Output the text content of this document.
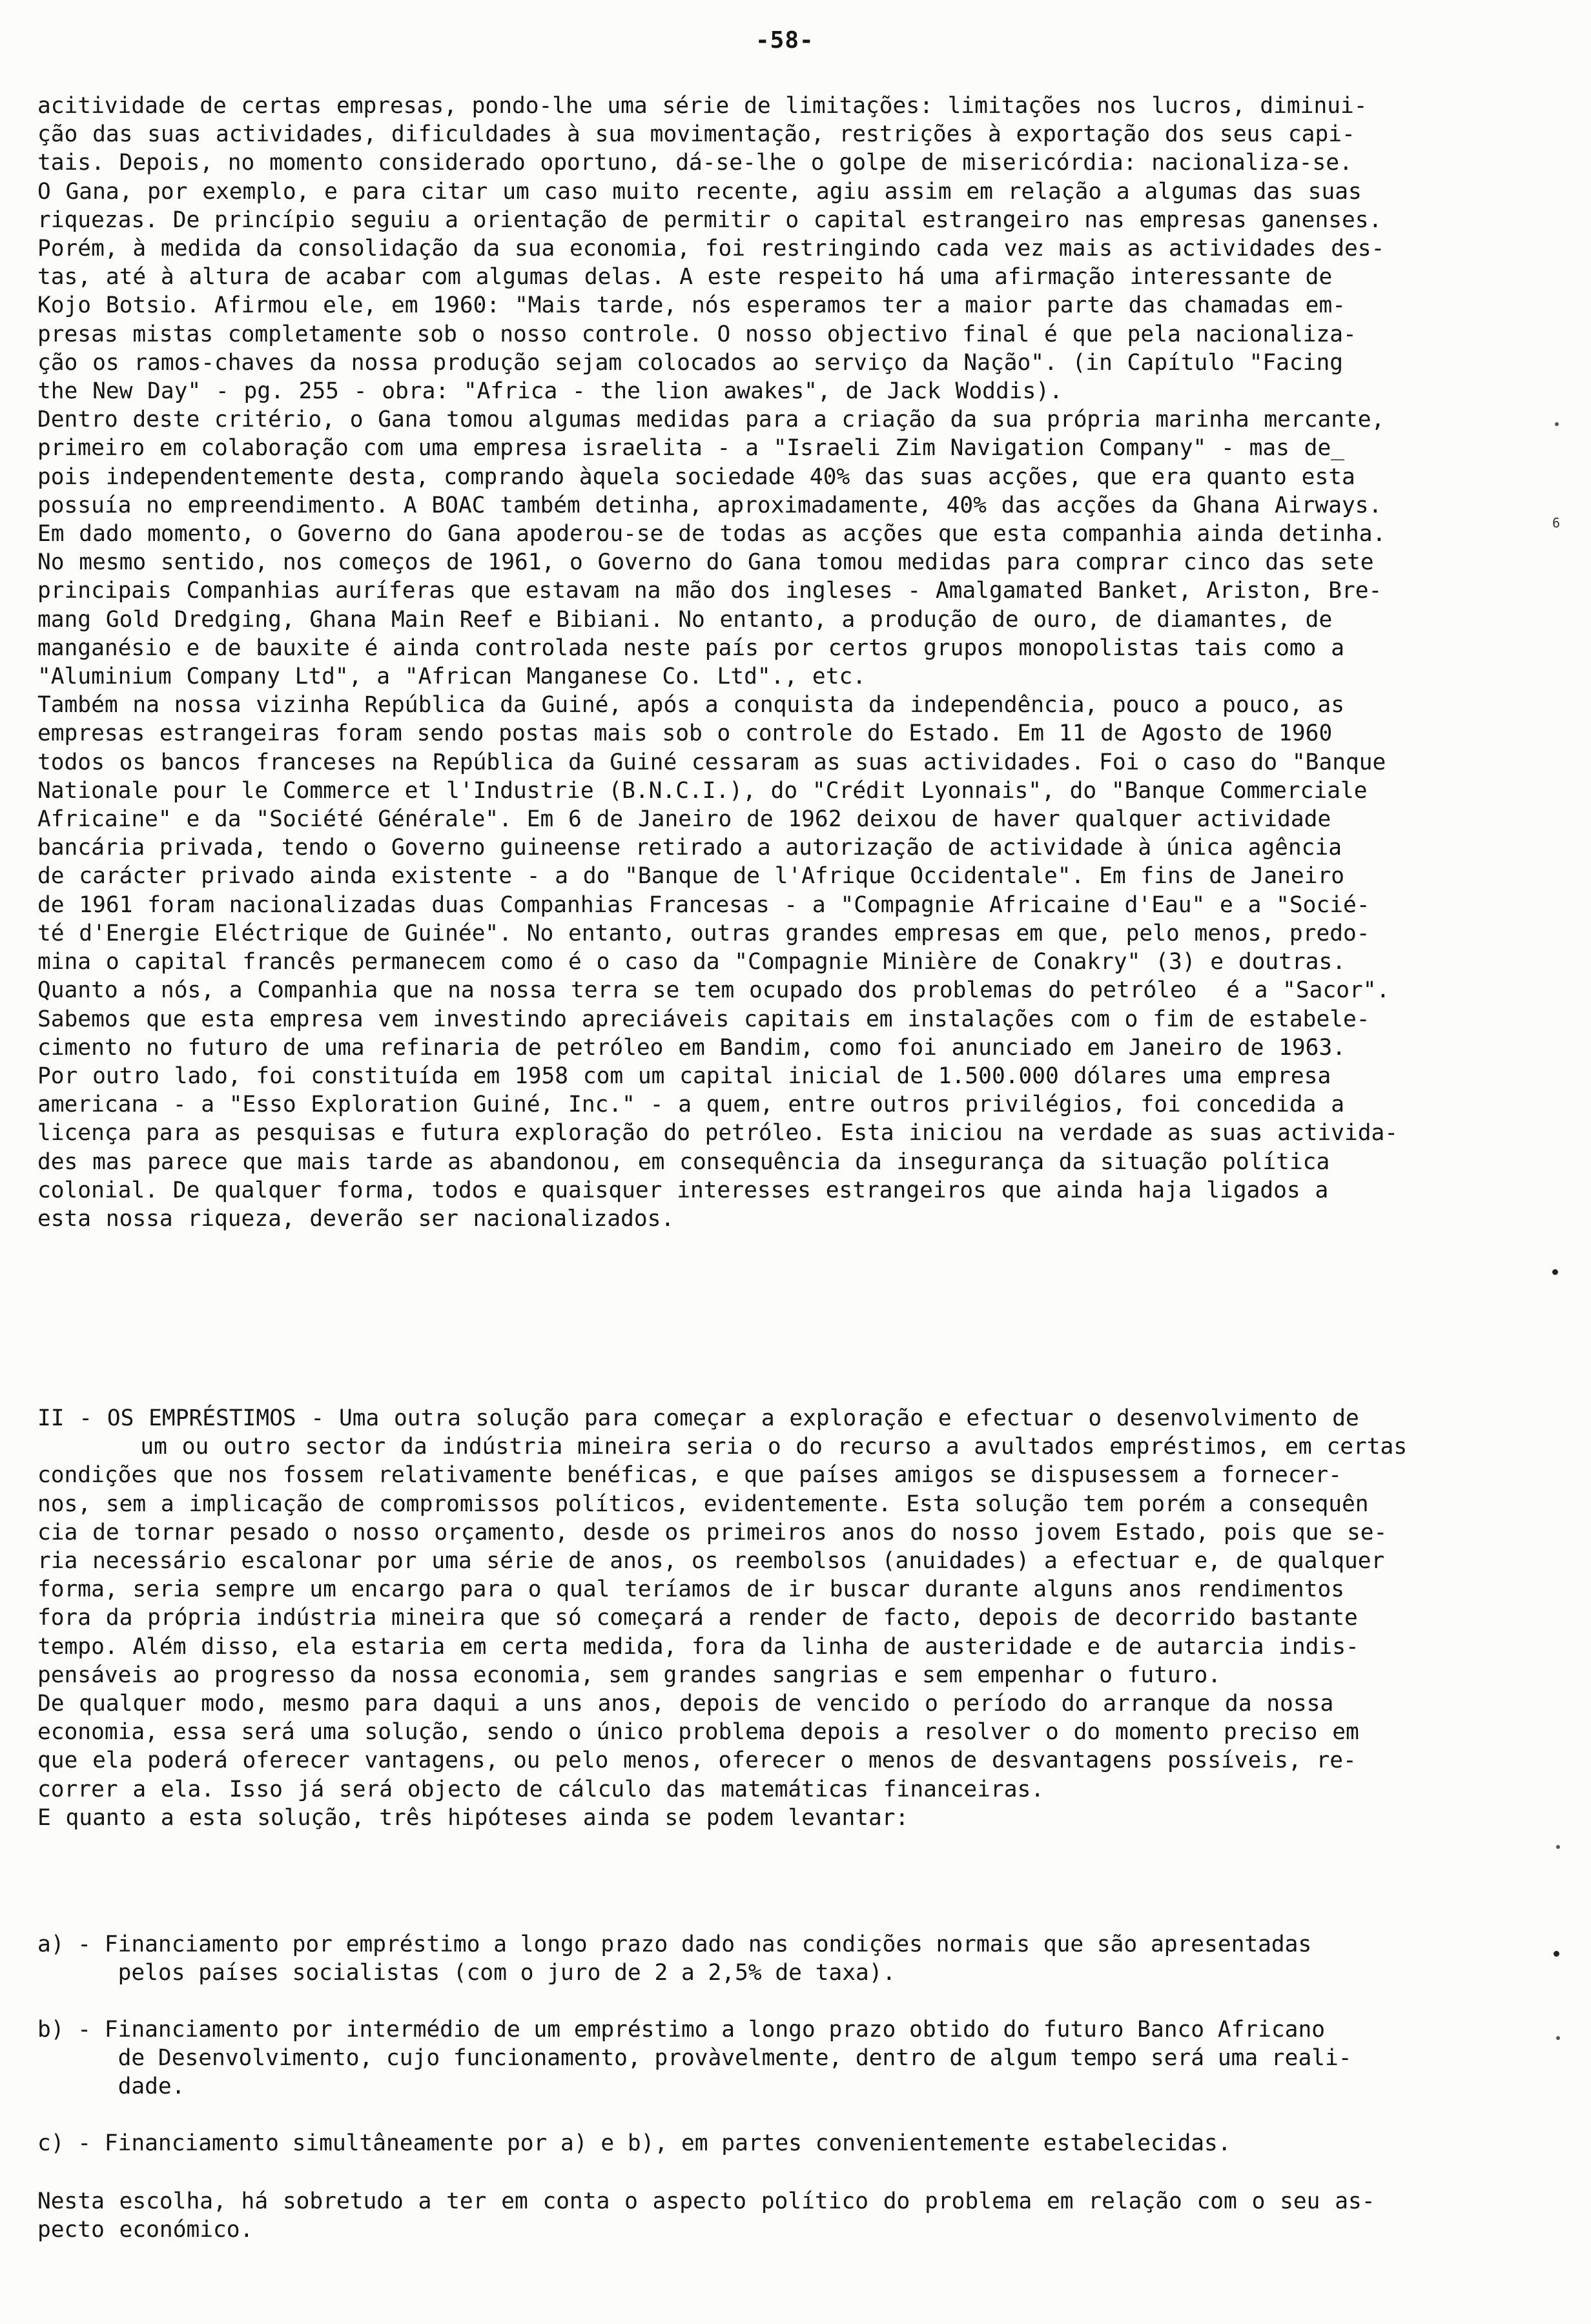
-58-
acitividade de certas empresas, pondo-lhe uma série de limitações: limitações nos lucros, diminui-
ção das suas actividades, dificuldades à sua movimentação, restrições à exportação dos seus capi-
tais. Depois, no momento considerado oportuno, dá-se-lhe o golpe de misericórdia: nacionaliza-se.
O Gana, por exemplo, e para citar um caso muito recente, agiu assim em relação a algumas das suas
riquezas. De princípio seguiu a orientação de permitir o capital estrangeiro nas empresas ganenses.
Porém, à medida da consolidação da sua economia, foi restringindo cada vez mais as actividades des-
tas, até à altura de acabar com algumas delas. A este respeito há uma afirmação interessante de
Kojo Botsio. Afirmou ele, em 1960: "Mais tarde, nós esperamos ter a maior parte das chamadas em-
presas mistas completamente sob o nosso controle. O nosso objectivo final é que pela nacionaliza-
ção os ramos-chaves da nossa produção sejam colocados ao serviço da Nação". (in Capítulo "Facing
the New Day" - pg. 255 - obra: "Africa - the lion awakes", de Jack Woddis).
Dentro deste critério, o Gana tomou algumas medidas para a criação da sua própria marinha mercante,
primeiro em colaboração com uma empresa israelita - a "Israeli Zim Navigation Company" - mas de_
pois independentemente desta, comprando àquela sociedade 40% das suas acções, que era quanto esta
possuía no empreendimento. A BOAC também detinha, aproximadamente, 40% das acções da Ghana Airways.
Em dado momento, o Governo do Gana apoderou-se de todas as acções que esta companhia ainda detinha.
No mesmo sentido, nos começos de 1961, o Governo do Gana tomou medidas para comprar cinco das sete
principais Companhias auríferas que estavam na mão dos ingleses - Amalgamated Banket, Ariston, Bre-
mang Gold Dredging, Ghana Main Reef e Bibiani. No entanto, a produção de ouro, de diamantes, de
manganésio e de bauxite é ainda controlada neste país por certos grupos monopolistas tais como a
"Aluminium Company Ltd", a "African Manganese Co. Ltd"., etc.
Também na nossa vizinha República da Guiné, após a conquista da independência, pouco a pouco, as
empresas estrangeiras foram sendo postas mais sob o controle do Estado. Em 11 de Agosto de 1960
todos os bancos franceses na República da Guiné cessaram as suas actividades. Foi o caso do "Banque
Nationale pour le Commerce et l'Industrie (B.N.C.I.), do "Crédit Lyonnais", do "Banque Commerciale
Africaine" e da "Société Générale". Em 6 de Janeiro de 1962 deixou de haver qualquer actividade
bancária privada, tendo o Governo guineense retirado a autorização de actividade à única agência
de carácter privado ainda existente - a do "Banque de l'Afrique Occidentale". Em fins de Janeiro
de 1961 foram nacionalizadas duas Companhias Francesas - a "Compagnie Africaine d'Eau" e a "Socié-
té d'Energie Eléctrique de Guinée". No entanto, outras grandes empresas em que, pelo menos, predo-
mina o capital francês permanecem como é o caso da "Compagnie Minière de Conakry" (3) e doutras.
Quanto a nós, a Companhia que na nossa terra se tem ocupado dos problemas do petróleo  é a "Sacor".
Sabemos que esta empresa vem investindo apreciáveis capitais em instalações com o fim de estabele-
cimento no futuro de uma refinaria de petróleo em Bandim, como foi anunciado em Janeiro de 1963.
Por outro lado, foi constituída em 1958 com um capital inicial de 1.500.000 dólares uma empresa
americana - a "Esso Exploration Guiné, Inc." - a quem, entre outros privilégios, foi concedida a
licença para as pesquisas e futura exploração do petróleo. Esta iniciou na verdade as suas activida-
des mas parece que mais tarde as abandonou, em consequência da insegurança da situação política
colonial. De qualquer forma, todos e quaisquer interesses estrangeiros que ainda haja ligados a
esta nossa riqueza, deverão ser nacionalizados.
II - OS EMPRÉSTIMOS - Uma outra solução para começar a exploração e efectuar o desenvolvimento de
um ou outro sector da indústria mineira seria o do recurso a avultados empréstimos, em certas
condições que nos fossem relativamente benéficas, e que países amigos se dispusessem a fornecer-
nos, sem a implicação de compromissos políticos, evidentemente. Esta solução tem porém a consequên
cia de tornar pesado o nosso orçamento, desde os primeiros anos do nosso jovem Estado, pois que se-
ria necessário escalonar por uma série de anos, os reembolsos (anuidades) a efectuar e, de qualquer
forma, seria sempre um encargo para o qual teríamos de ir buscar durante alguns anos rendimentos
fora da própria indústria mineira que só começará a render de facto, depois de decorrido bastante
tempo. Além disso, ela estaria em certa medida, fora da linha de austeridade e de autarcia indis-
pensáveis ao progresso da nossa economia, sem grandes sangrias e sem empenhar o futuro.
De qualquer modo, mesmo para daqui a uns anos, depois de vencido o período do arranque da nossa
economia, essa será uma solução, sendo o único problema depois a resolver o do momento preciso em
que ela poderá oferecer vantagens, ou pelo menos, oferecer o menos de desvantagens possíveis, re-
correr a ela. Isso já será objecto de cálculo das matemáticas financeiras.
E quanto a esta solução, três hipóteses ainda se podem levantar:
a) - Financiamento por empréstimo a longo prazo dado nas condições normais que são apresentadas
pelos países socialistas (com o juro de 2 a 2,5% de taxa).
b) - Financiamento por intermédio de um empréstimo a longo prazo obtido do futuro Banco Africano
de Desenvolvimento, cujo funcionamento, provàvelmente, dentro de algum tempo será uma reali-
dade.
c) - Financiamento simultâneamente por a) e b), em partes convenientemente estabelecidas.
Nesta escolha, há sobretudo a ter em conta o aspecto político do problema em relação com o seu as-
pecto económico.
6
